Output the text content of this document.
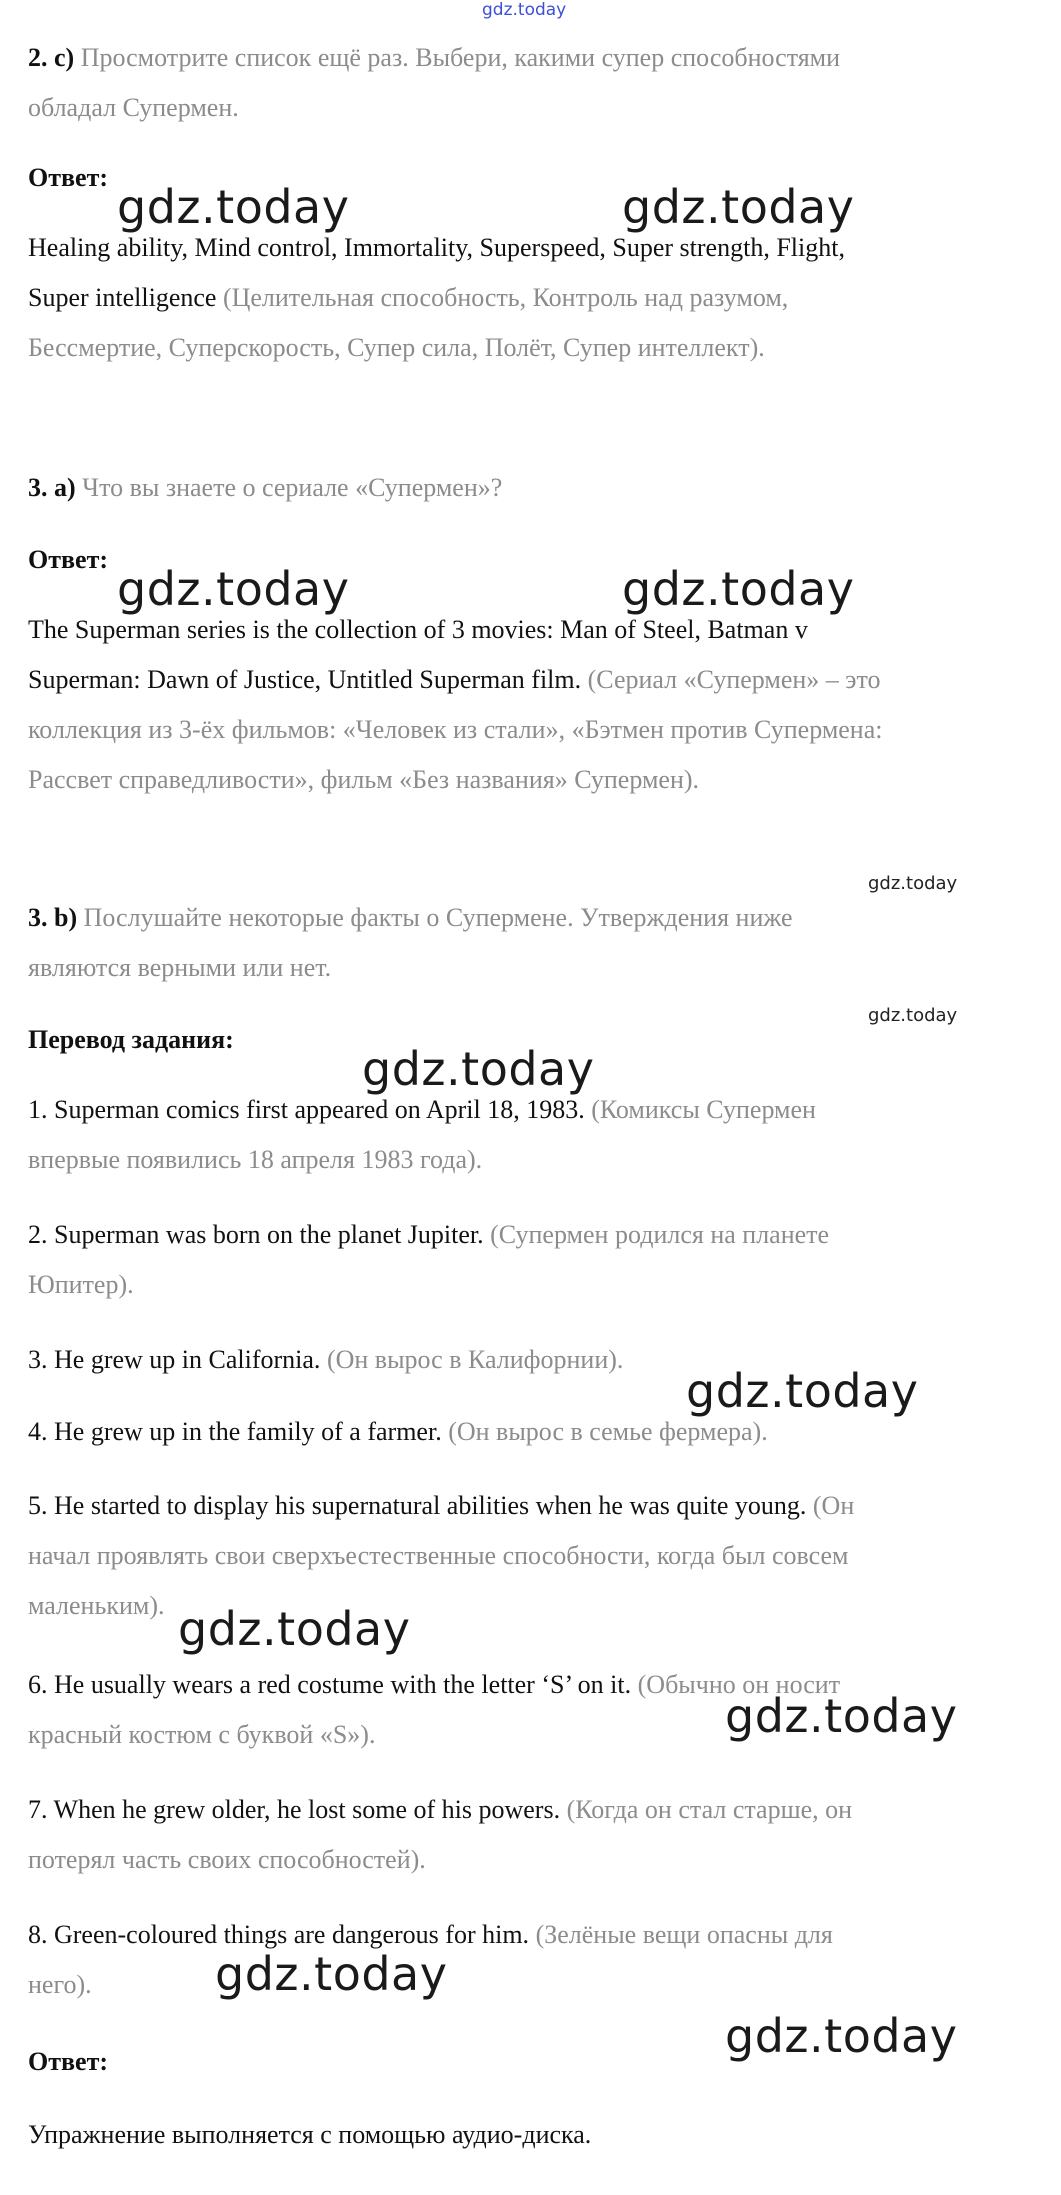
gdz.today
2. c) Просмотрите список ещё раз. Выбери, какими супер способностями
обладал Супермен.
Ответ:
gdz.today	gdz.today
Healing ability, Mind control, Immortality, Superspeed, Super strength, Flight,
Super intelligence (Целительная способность, Контроль над разумом,
Бессмертие, Суперскорость, Супер сила, Полёт, Супер интеллект).
3. a) Что вы знаете о сериале «Супермен»?
Ответ:
gdz.today	gdz.today
The Superman series is the collection of 3 movies: Man of Steel, Batman v
Superman: Dawn of Justice, Untitled Superman film. (Сериал «Супермен» – это
коллекция из 3-ёх фильмов: «Человек из стали», «Бэтмен против Супермена:
Рассвет справедливости», фильм «Без названия» Супермен).
gdz.today
3. b) Послушайте некоторые факты о Супермене. Утверждения ниже
являются верными или нет.
gdz.today
Перевод задания:
gdz.today
1. Superman comics first appeared on April 18, 1983. (Комиксы Супермен
впервые появились 18 апреля 1983 года).
2. Superman was born on the planet Jupiter. (Супермен родился на планете
Юпитер).
3. He grew up in California. (Он вырос в Калифорнии).
gdz.today
4. He grew up in the family of a farmer. (Он вырос в семье фермера).
5. He started to display his supernatural abilities when he was quite young. (Он
начал проявлять свои сверхъестественные способности, когда был совсем
маленьким). gdz.today
6. He usually wears a red costume with the letter ‘S’ on it. (Обычно он носит
gdz.today
красный костюм с буквой «S»).
7. When he grew older, he lost some of his powers. (Когда он стал старше, он
потерял часть своих способностей).
8. Green-coloured things are dangerous for him. (Зелёные вещи опасны для
gdz.today
него).
gdz.today
Ответ:
Упражнение выполняется с помощью аудио-диска.
